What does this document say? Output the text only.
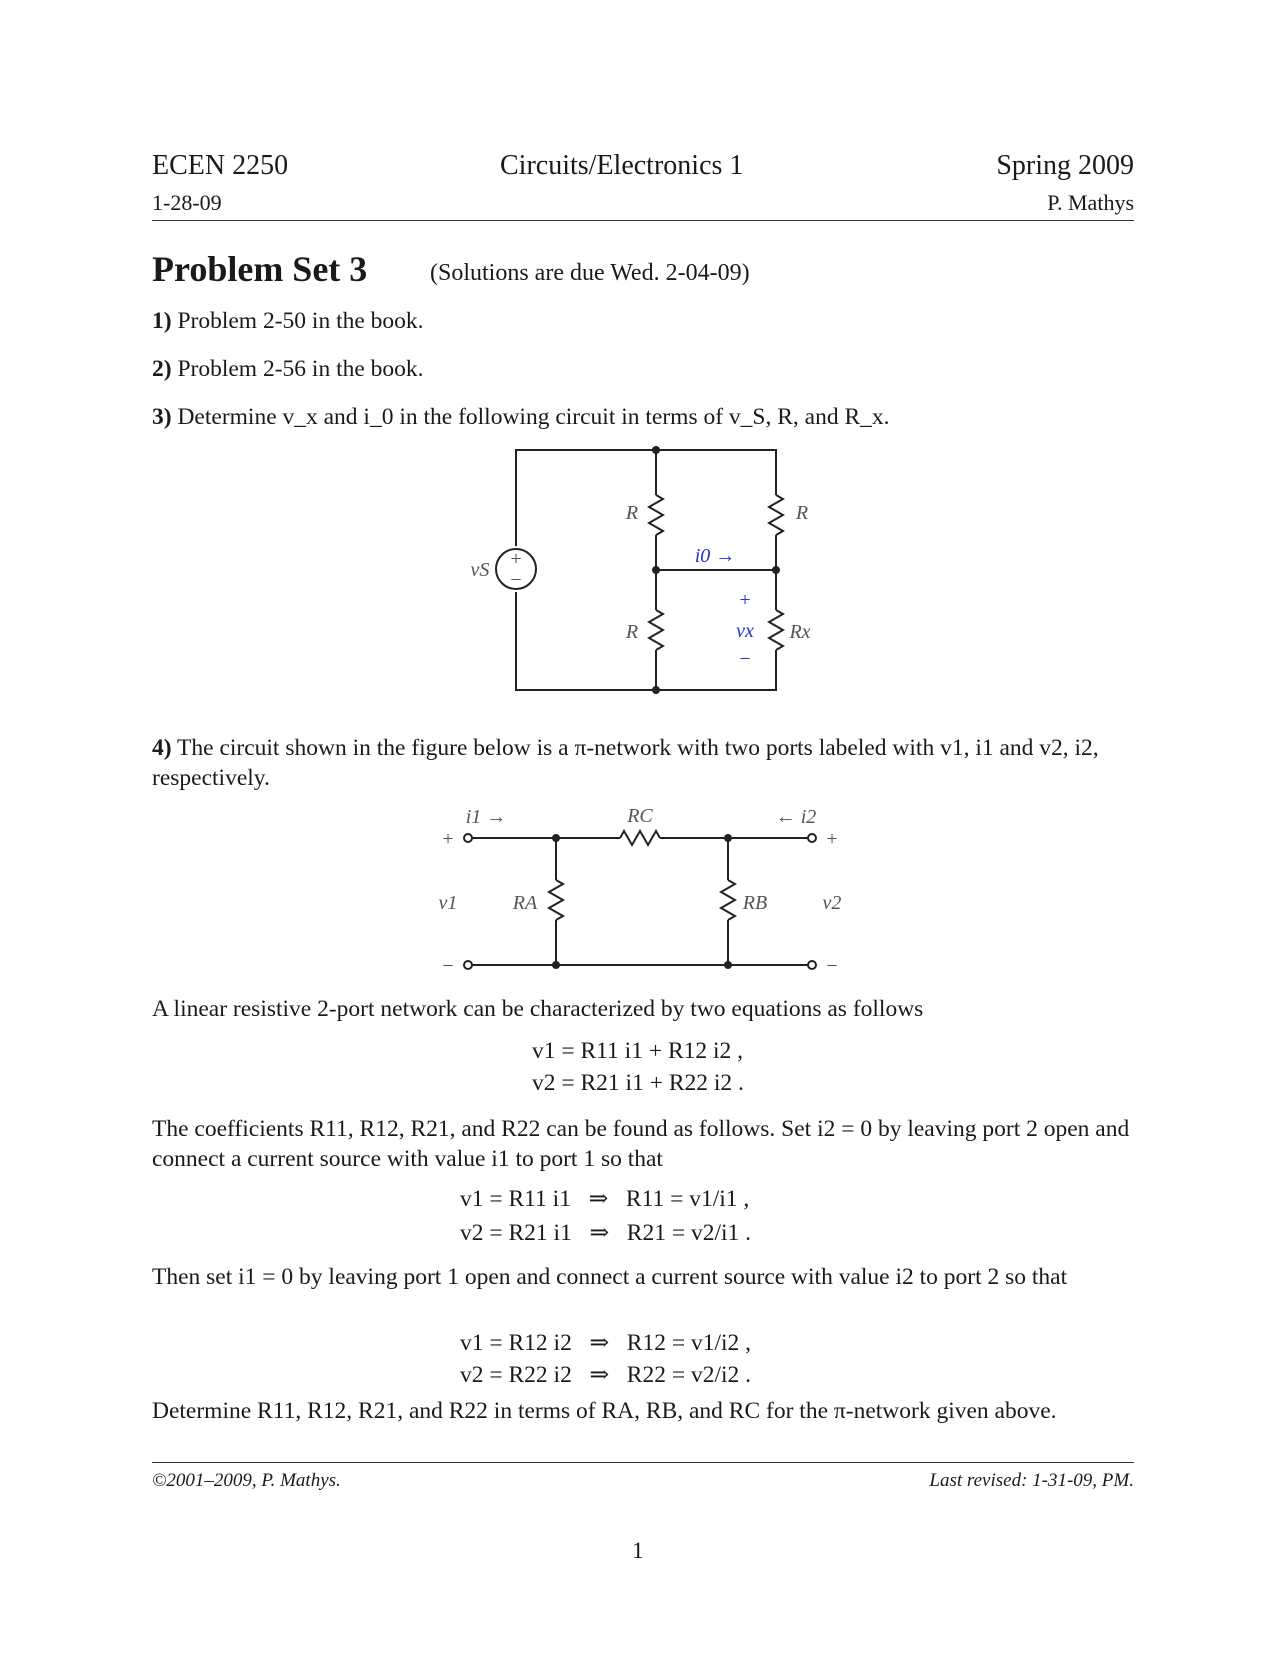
ECEN 2250	Circuits/Electronics 1	Spring 2009
1-28-09	P. Mathys
Problem Set 3	(Solutions are due Wed. 2-04-09)
1) Problem 2-50 in the book.
2) Problem 2-56 in the book.
3) Determine v_x and i_0 in the following circuit in terms of v_S, R, and R_x.
+
−
vS
R	R
R	Rx
i0 →
+
vx
−
4) The circuit shown in the figure below is a π-network with two ports labeled with v1, i1 and v2, i2, respectively.
i1 →	← i2
RC
RA	RB
v1	v2
+
−
+
−
A linear resistive 2-port network can be characterized by two equations as follows
v1 = R11 i1 + R12 i2 ,
v2 = R21 i1 + R22 i2 .
The coefficients R11, R12, R21, and R22 can be found as follows. Set i2 = 0 by leaving port 2 open and connect a current source with value i1 to port 1 so that
v1 = R11 i1   ⇒   R11 = v1/i1 ,
v2 = R21 i1   ⇒   R21 = v2/i1 .
Then set i1 = 0 by leaving port 1 open and connect a current source with value i2 to port 2 so that
v1 = R12 i2   ⇒   R12 = v1/i2 ,
v2 = R22 i2   ⇒   R22 = v2/i2 .
Determine R11, R12, R21, and R22 in terms of RA, RB, and RC for the π-network given above.
©2001–2009, P. Mathys.	Last revised: 1-31-09, PM.
1
